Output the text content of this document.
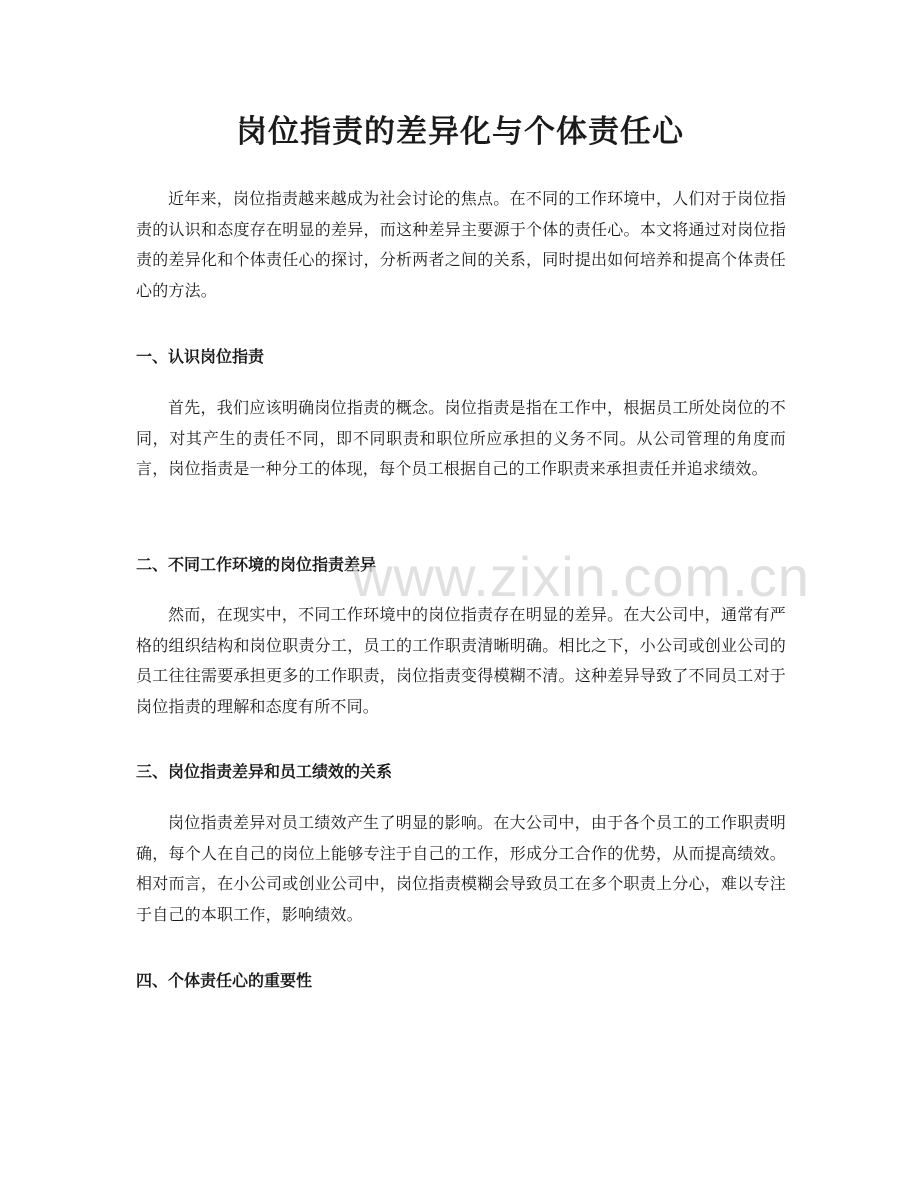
岗位指责的差异化与个体责任心

近年来，岗位指责越来越成为社会讨论的焦点。在不同的工作环境中，人们对于岗位指责的认识和态度存在明显的差异，而这种差异主要源于个体的责任心。本文将通过对岗位指责的差异化和个体责任心的探讨，分析两者之间的关系，同时提出如何培养和提高个体责任心的方法。

一、认识岗位指责

首先，我们应该明确岗位指责的概念。岗位指责是指在工作中，根据员工所处岗位的不同，对其产生的责任不同，即不同职责和职位所应承担的义务不同。从公司管理的角度而言，岗位指责是一种分工的体现，每个员工根据自己的工作职责来承担责任并追求绩效。

二、不同工作环境的岗位指责差异

然而，在现实中，不同工作环境中的岗位指责存在明显的差异。在大公司中，通常有严格的组织结构和岗位职责分工，员工的工作职责清晰明确。相比之下，小公司或创业公司的员工往往需要承担更多的工作职责，岗位指责变得模糊不清。这种差异导致了不同员工对于岗位指责的理解和态度有所不同。

三、岗位指责差异和员工绩效的关系

岗位指责差异对员工绩效产生了明显的影响。在大公司中，由于各个员工的工作职责明确，每个人在自己的岗位上能够专注于自己的工作，形成分工合作的优势，从而提高绩效。相对而言，在小公司或创业公司中，岗位指责模糊会导致员工在多个职责上分心，难以专注于自己的本职工作，影响绩效。

四、个体责任心的重要性
www.zixin.com.cn
